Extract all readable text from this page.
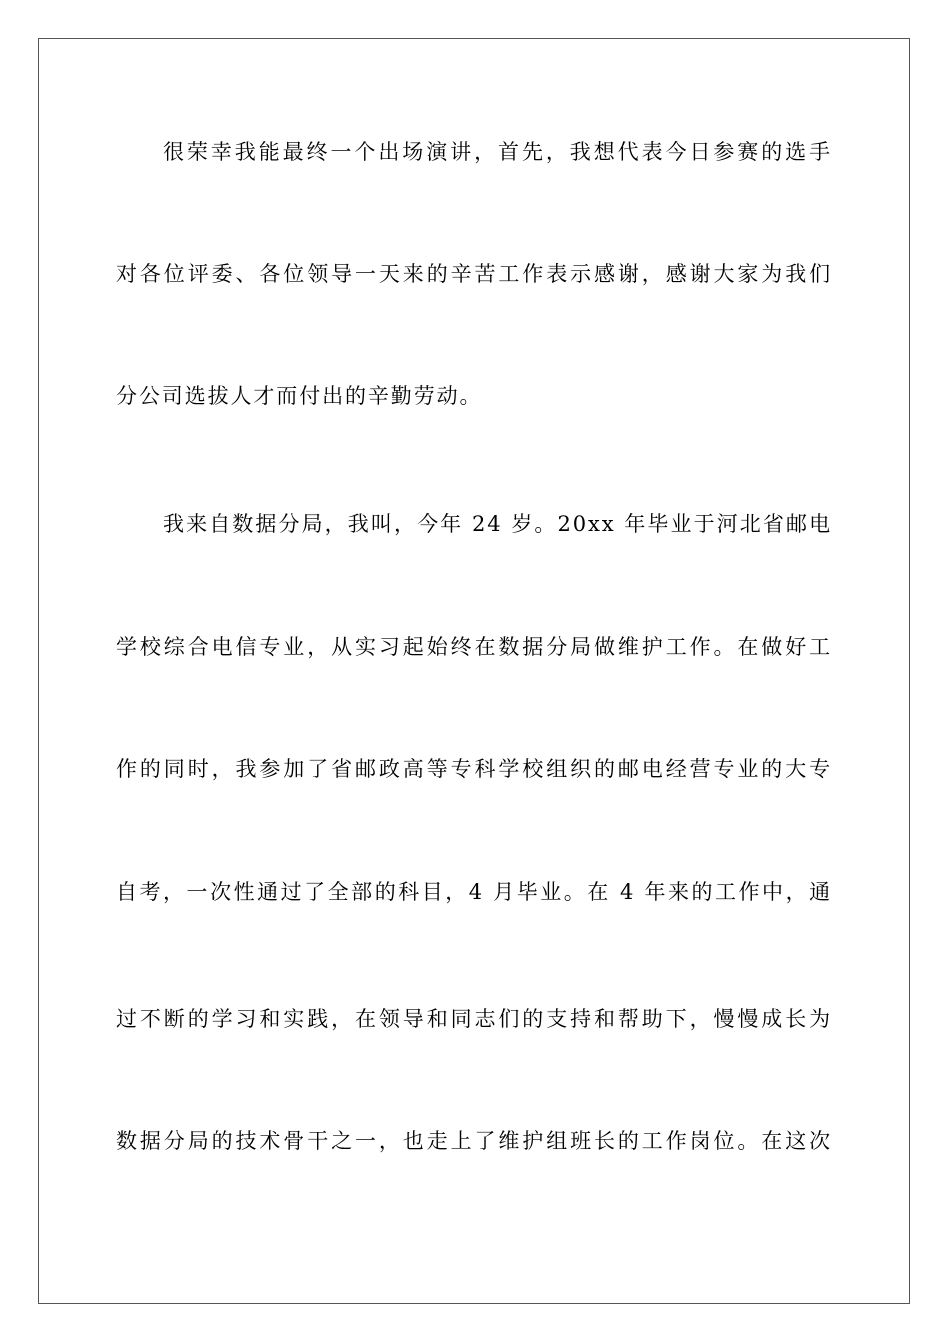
很荣幸我能最终一个出场演讲，首先，我想代表今日参赛的选手
对各位评委、各位领导一天来的辛苦工作表示感谢，感谢大家为我们
分公司选拔人才而付出的辛勤劳动。
我来自数据分局，我叫，今年 24 岁。20xx 年毕业于河北省邮电
学校综合电信专业，从实习起始终在数据分局做维护工作。在做好工
作的同时，我参加了省邮政高等专科学校组织的邮电经营专业的大专
自考，一次性通过了全部的科目，4 月毕业。在 4 年来的工作中，通
过不断的学习和实践，在领导和同志们的支持和帮助下，慢慢成长为
数据分局的技术骨干之一，也走上了维护组班长的工作岗位。在这次
